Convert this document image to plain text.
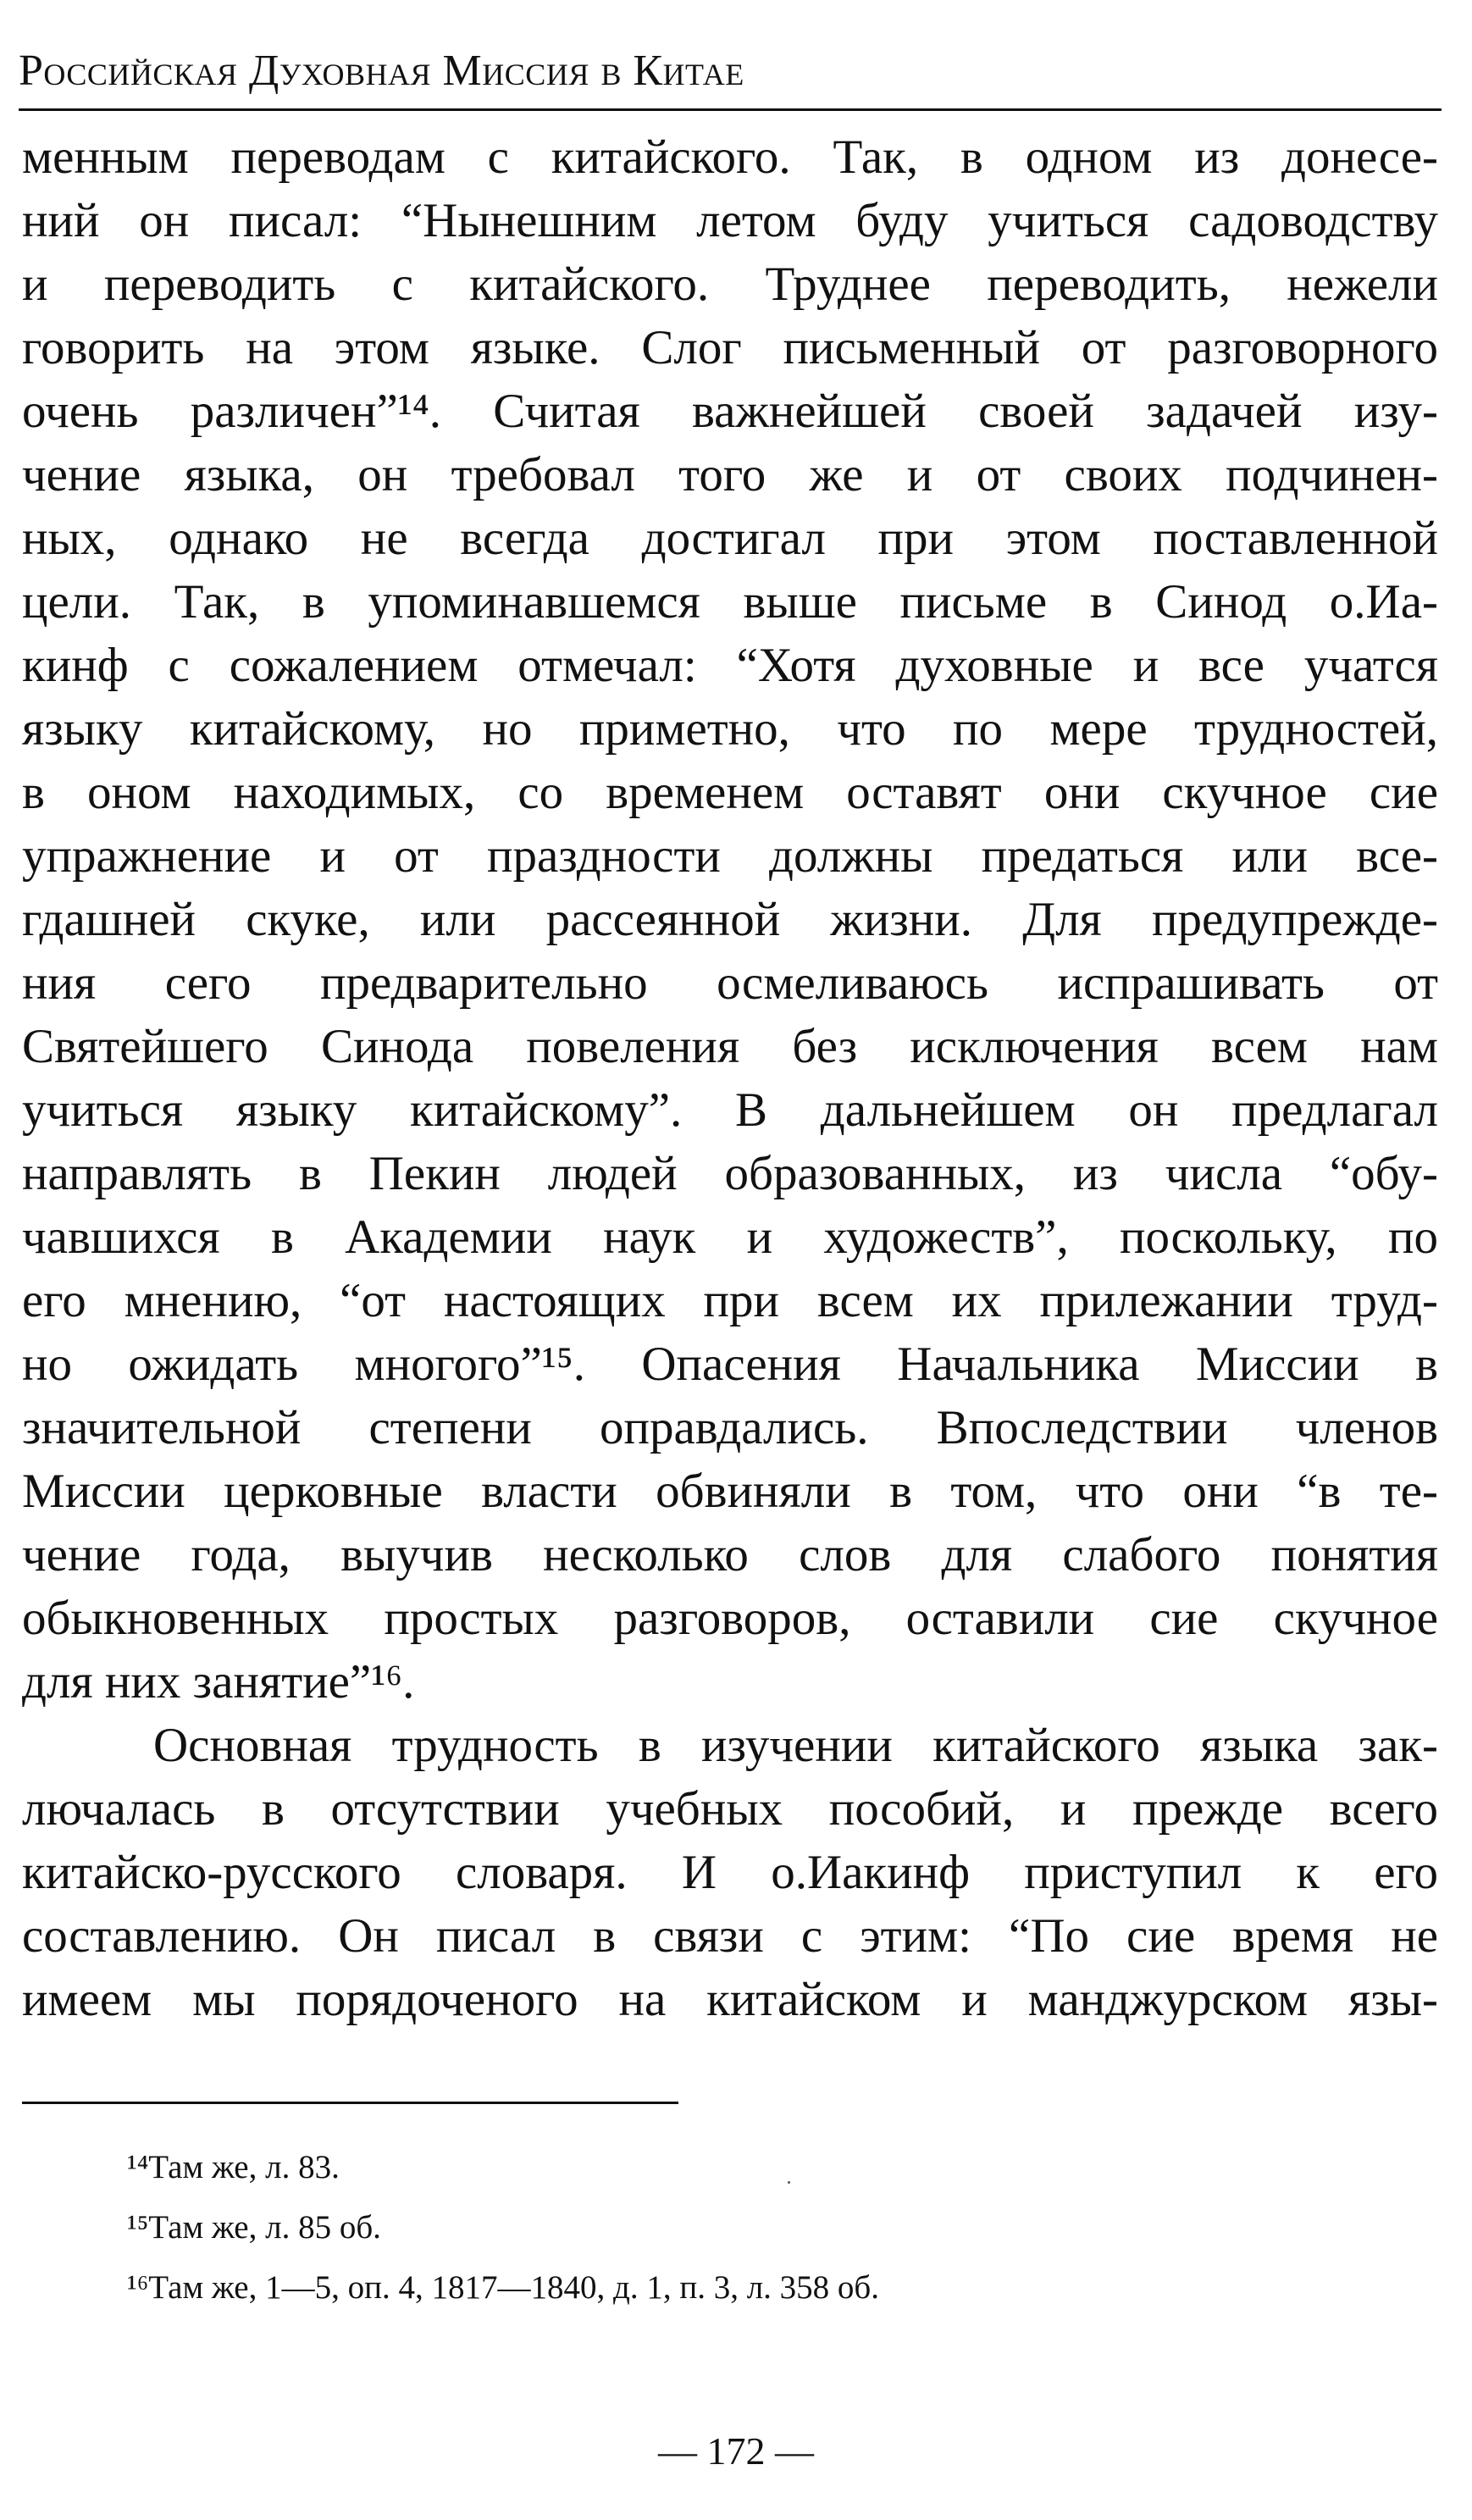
Российская Духовная Миссия в Китае
менным переводам с китайского. Так, в одном из донесе-
ний он писал: “Нынешним летом буду учиться садоводству
и переводить с китайского. Труднее переводить, нежели
говорить на этом языке. Слог письменный от разговорного
очень различен”¹⁴. Считая важнейшей своей задачей изу-
чение языка, он требовал того же и от своих подчинен-
ных, однако не всегда достигал при этом поставленной
цели. Так, в упоминавшемся выше письме в Синод о.Иа-
кинф с сожалением отмечал: “Хотя духовные и все учатся
языку китайскому, но приметно, что по мере трудностей,
в оном находимых, со временем оставят они скучное сие
упражнение и от праздности должны предаться или все-
гдашней скуке, или рассеянной жизни. Для предупрежде-
ния сего предварительно осмеливаюсь испрашивать от
Святейшего Синода повеления без исключения всем нам
учиться языку китайскому”. В дальнейшем он предлагал
направлять в Пекин людей образованных, из числа “обу-
чавшихся в Академии наук и художеств”, поскольку, по
его мнению, “от настоящих при всем их прилежании труд-
но ожидать многого”¹⁵. Опасения Начальника Миссии в
значительной степени оправдались. Впоследствии членов
Миссии церковные власти обвиняли в том, что они “в те-
чение года, выучив несколько слов для слабого понятия
обыкновенных простых разговоров, оставили сие скучное
для них занятие”¹⁶.
Основная трудность в изучении китайского языка зак-
лючалась в отсутствии учебных пособий, и прежде всего
китайско-русского словаря. И о.Иакинф приступил к его
составлению. Он писал в связи с этим: “По сие время не
имеем мы порядоченого на китайском и манджурском язы-
¹⁴Там же, л. 83.
¹⁵Там же, л. 85 об.
¹⁶Там же, 1—5, оп. 4, 1817—1840, д. 1, п. 3, л. 358 об.
— 172 —
